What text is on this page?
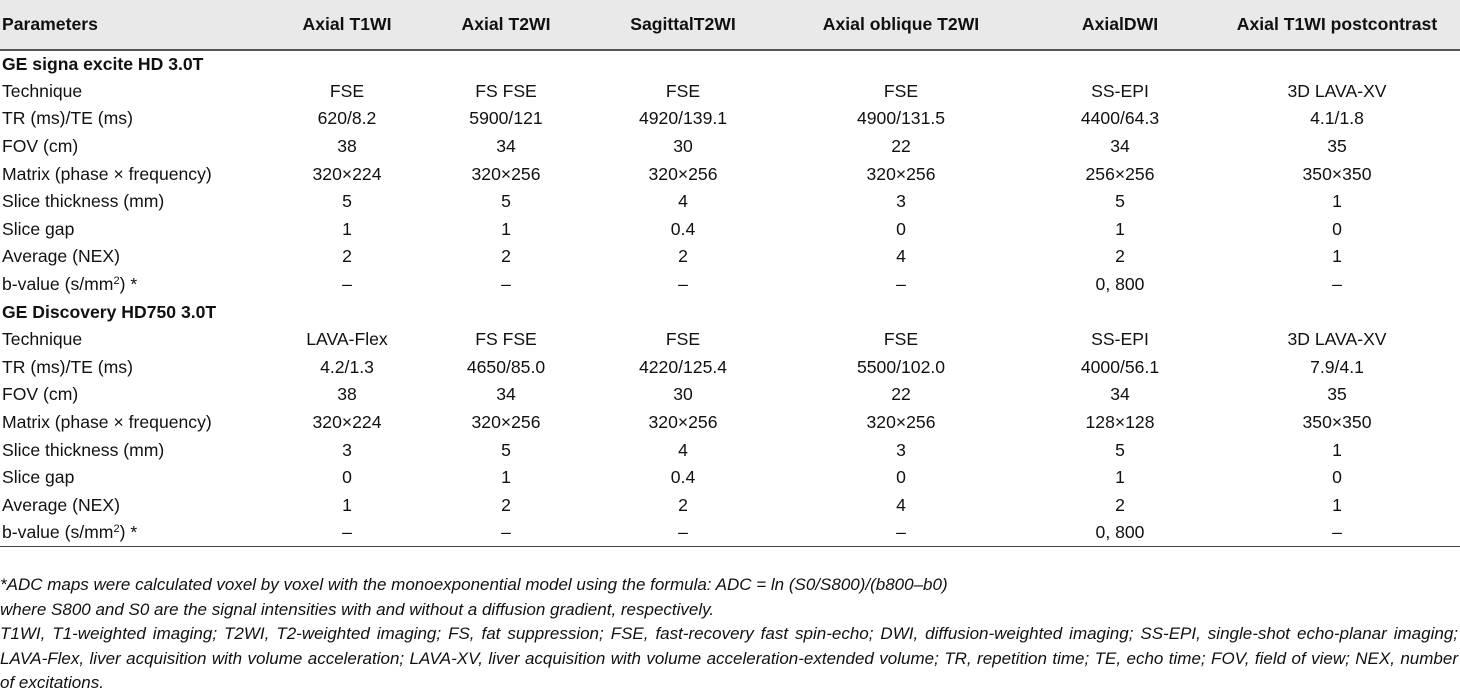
Parameters	Axial T1WI	Axial T2WI	SagittalT2WI	Axial oblique T2WI	AxialDWI	Axial T1WI postcontrast
GE signa excite HD 3.0T						
Technique	FSE	FS FSE	FSE	FSE	SS-EPI	3D LAVA-XV
TR (ms)/TE (ms)	620/8.2	5900/121	4920/139.1	4900/131.5	4400/64.3	4.1/1.8
FOV (cm)	38	34	30	22	34	35
Matrix (phase × frequency)	320×224	320×256	320×256	320×256	256×256	350×350
Slice thickness (mm)	5	5	4	3	5	1
Slice gap	1	1	0.4	0	1	0
Average (NEX)	2	2	2	4	2	1
b-value $(s/mm^2)$ *	–	–	–	–	0, 800	–
GE Discovery HD750 3.0T						
Technique	LAVA-Flex	FS FSE	FSE	FSE	SS-EPI	3D LAVA-XV
TR (ms)/TE (ms)	4.2/1.3	4650/85.0	4220/125.4	5500/102.0	4000/56.1	7.9/4.1
FOV (cm)	38	34	30	22	34	35
Matrix (phase × frequency)	320×224	320×256	320×256	320×256	128×128	350×350
Slice thickness (mm)	3	5	4	3	5	1
Slice gap	0	1	0.4	0	1	0
Average (NEX)	1	2	2	4	2	1
b-value $(s/mm^2)$ *	–	–	–	–	0, 800	–

*ADC maps were calculated voxel by voxel with the monoexponential model using the formula: ADC = ln (S0/S800)/(b800–b0)

where S800 and S0 are the signal intensities with and without a diffusion gradient, respectively.

T1WI, T1-weighted imaging; T2WI, T2-weighted imaging; FS, fat suppression; FSE, fast-recovery fast spin-echo; DWI, diffusion-weighted imaging; SS-EPI, single-shot echo-planar imaging; LAVA-Flex, liver acquisition with volume acceleration; LAVA-XV, liver acquisition with volume acceleration-extended volume; TR, repetition time; TE, echo time; FOV, field of view; NEX, number of excitations.
